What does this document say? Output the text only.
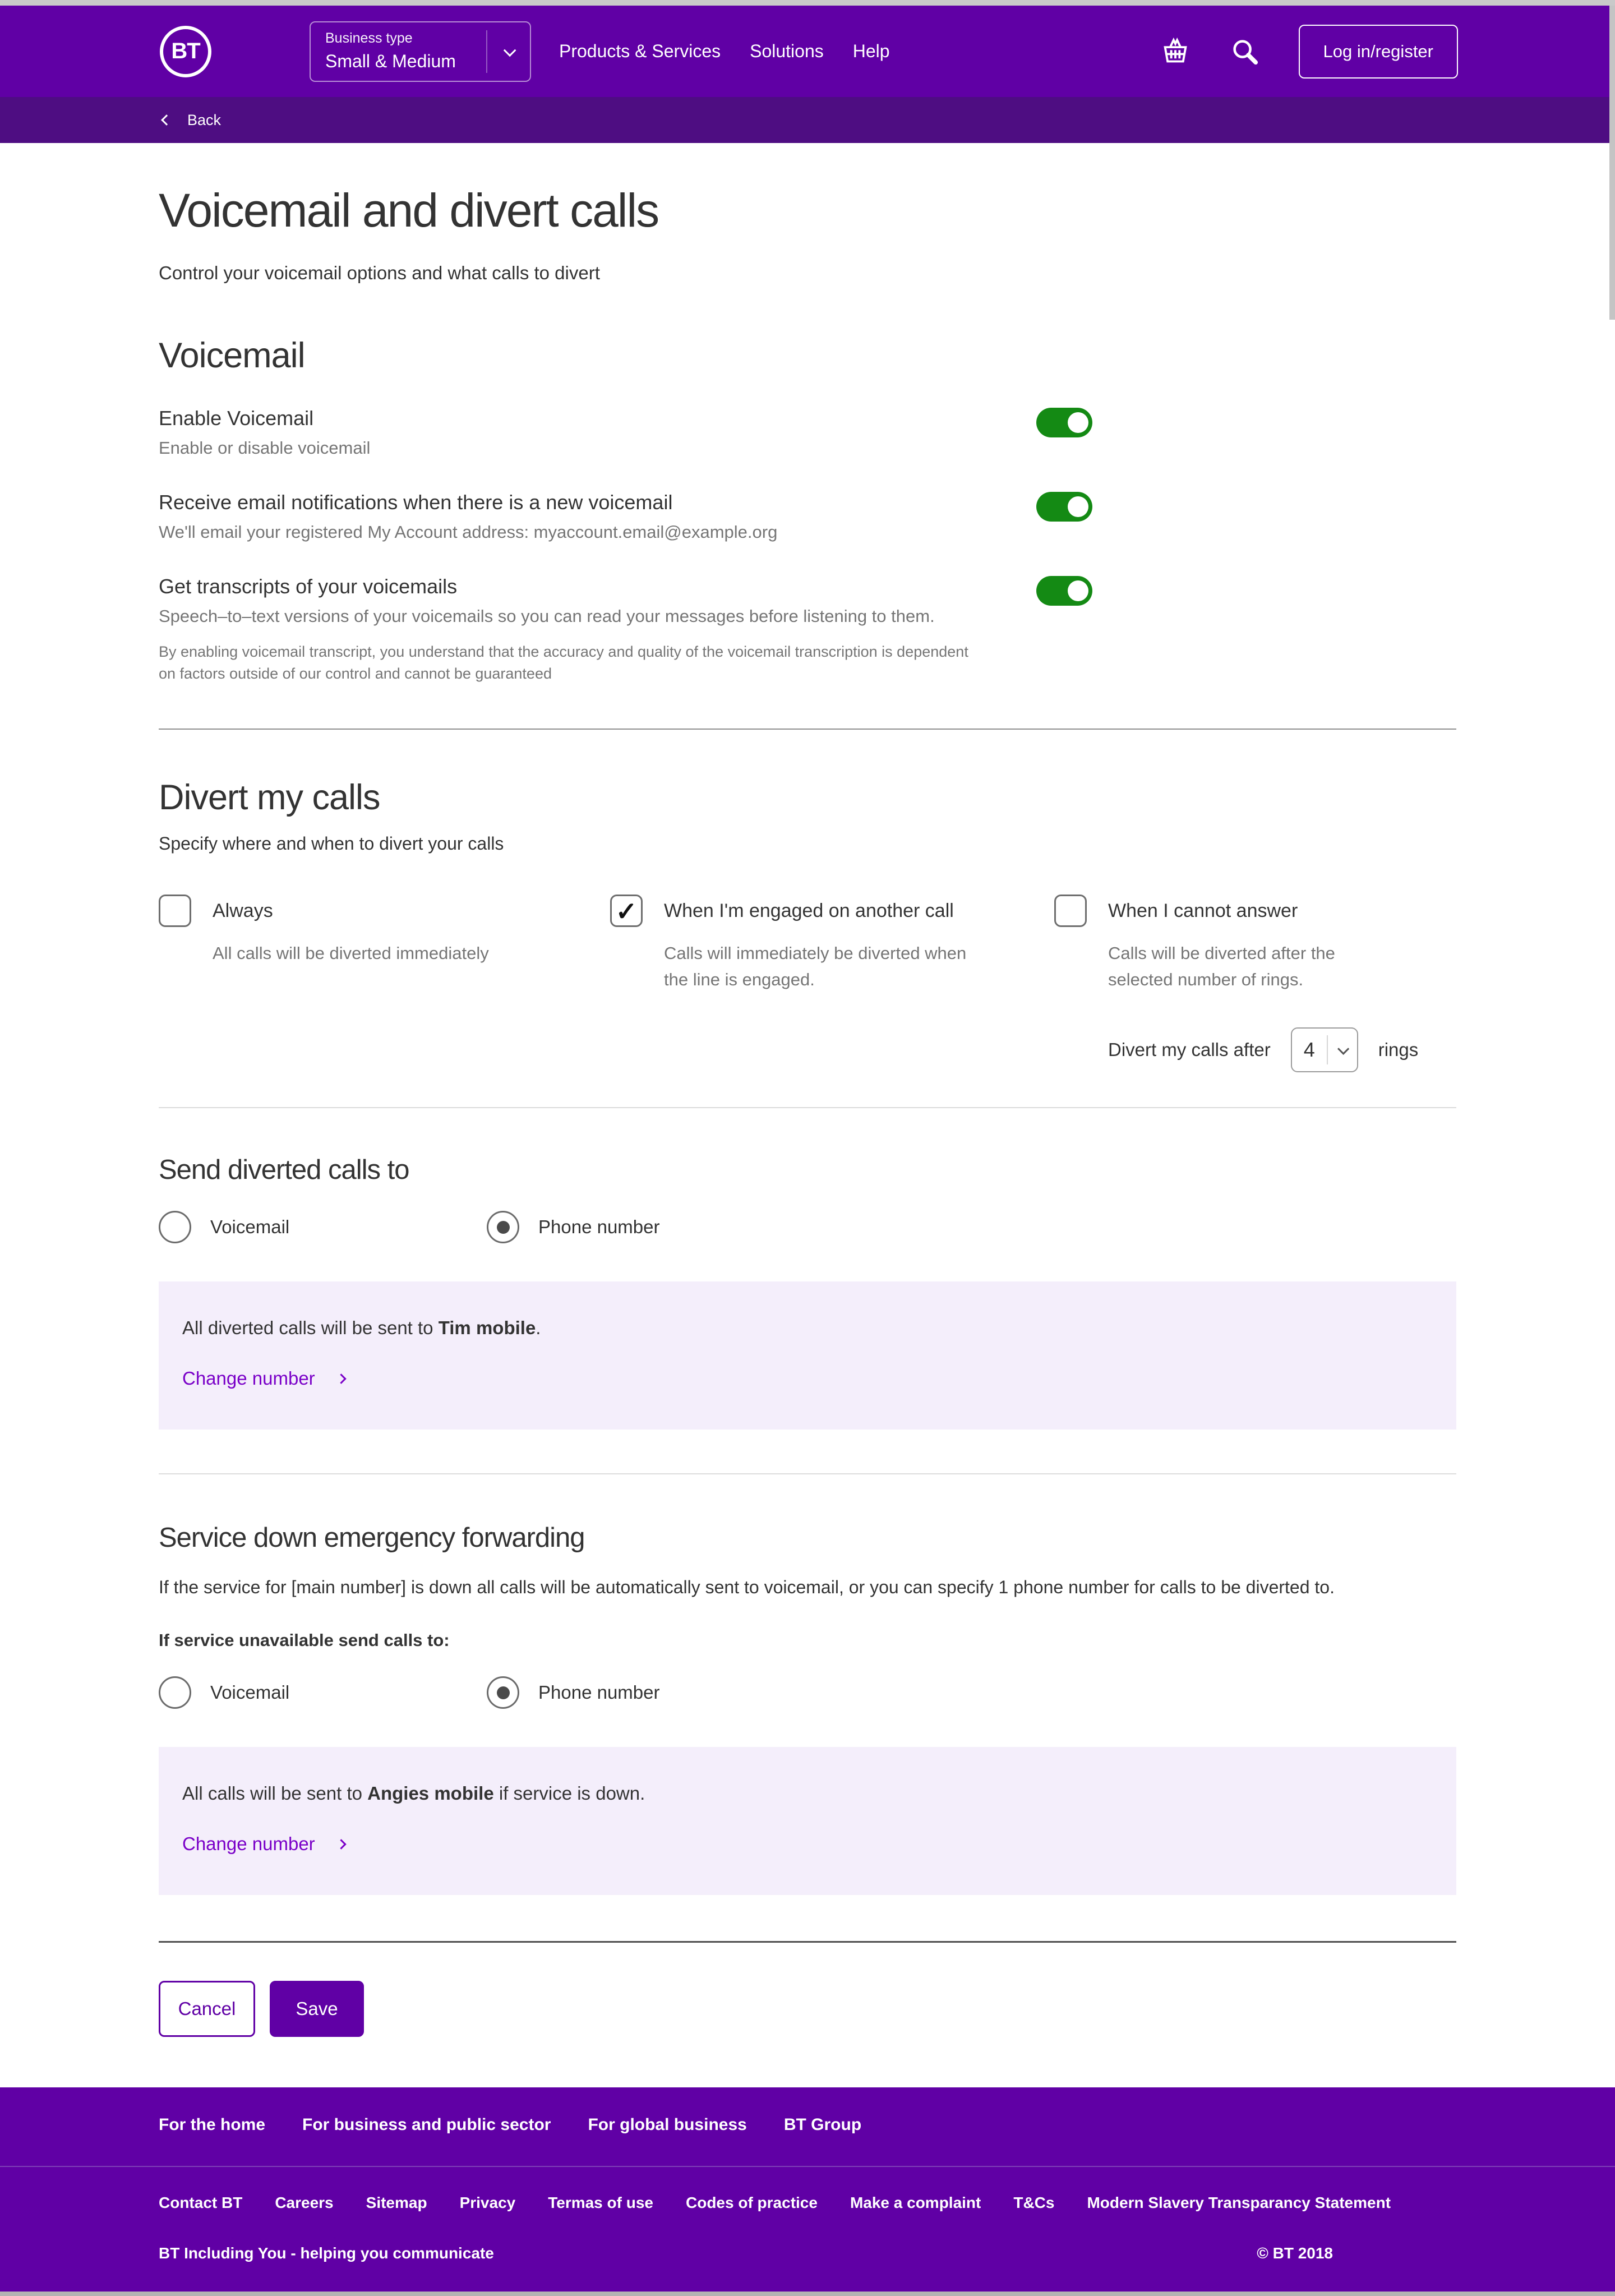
BT
Business type
Small & Medium	Products & Services Solutions Help	Log in/register
Back
Voicemail and divert calls

Control your voicemail options and what calls to divert

Voicemail
Enable Voicemail
Enable or disable voicemail
Receive email notifications when there is a new voicemail
We'll email your registered My Account address: myaccount.email@example.org
Get transcripts of your voicemails
Speech–to–text versions of your voicemails so you can read your messages before listening to them.
By enabling voicemail transcript, you understand that the accuracy and quality of the voicemail transcription is dependent on factors outside of our control and cannot be guaranteed
Divert my calls

Specify where and when to divert your calls

Always
All calls will be diverted immediately
✓ When I'm engaged on another call
Calls will immediately be diverted when the line is engaged.
When I cannot answer
Calls will be diverted after the selected number of rings.
Divert my calls after	4	rings
Send diverted calls to
Voicemail	Phone number

All diverted calls will be sent to Tim mobile.

Change number
Service down emergency forwarding

If the service for [main number] is down all calls will be automatically sent to voicemail, or you can specify 1 phone number for calls to be diverted to.

If service unavailable send calls to:

Voicemail	Phone number

All calls will be sent to Angies mobile if service is down.

Change number
Cancel	Save
For the home For business and public sector For global business BT Group
Contact BT Careers Sitemap Privacy Termas of use Codes of practice Make a complaint T&Cs Modern Slavery Transparancy Statement
BT Including You - helping you communicate	© BT 2018
